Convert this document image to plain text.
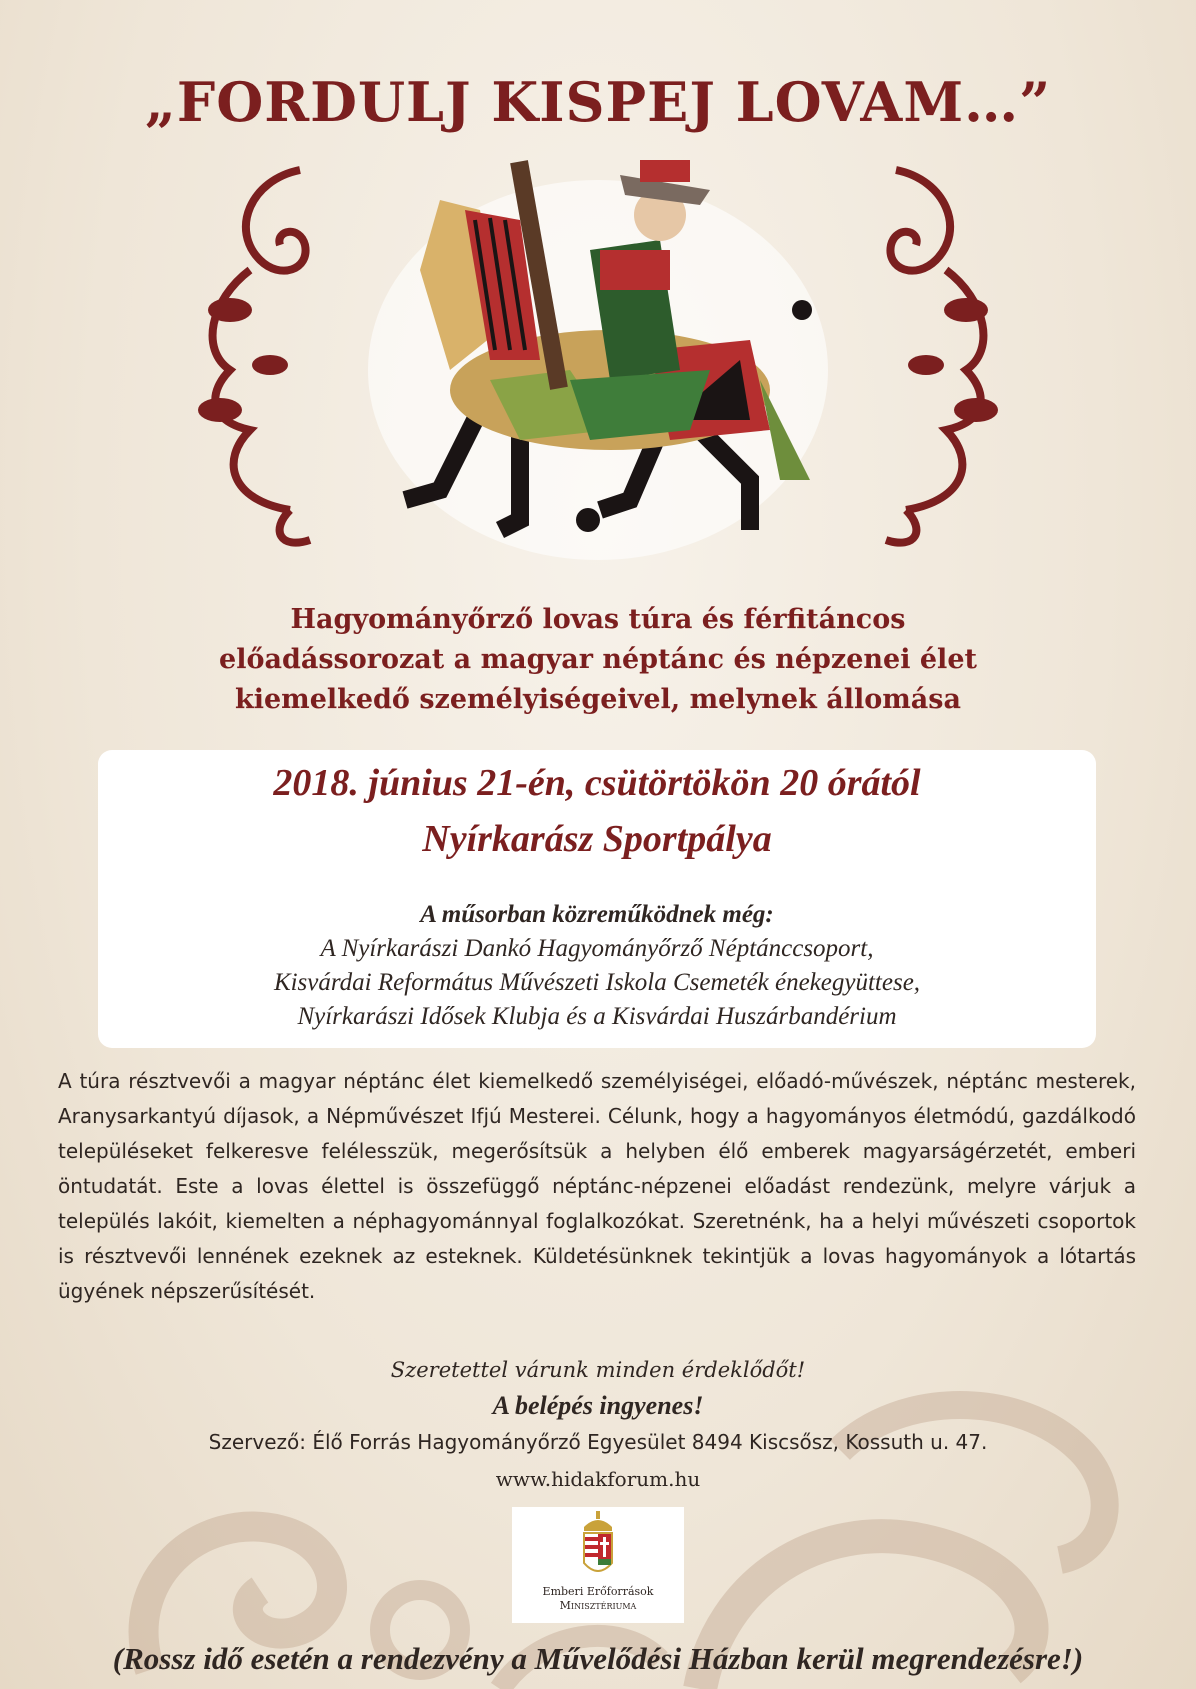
„FORDULJ KISPEJ LOVAM…”
Hagyományőrző lovas túra és férfitáncos
előadássorozat a magyar néptánc és népzenei élet
kiemelkedő személyiségeivel, melynek állomása
2018. június 21-én, csütörtökön 20 órától
Nyírkarász Sportpálya
A műsorban közreműködnek még:
A Nyírkarászi Dankó Hagyományőrző Néptánccsoport,
Kisvárdai Református Művészeti Iskola Csemeték énekegyüttese,
Nyírkarászi Idősek Klubja és a Kisvárdai Huszárbandérium
A túra résztvevői a magyar néptánc élet kiemelkedő személyiségei, előadó-művészek, néptánc mesterek, Aranysarkantyú díjasok, a Népművészet Ifjú Mesterei. Célunk, hogy a hagyományos életmódú, gazdálkodó településeket felkeresve felélesszük, megerősítsük a helyben élő emberek magyarságérzetét, emberi öntudatát. Este a lovas élettel is összefüggő néptánc-népzenei előadást rendezünk, melyre várjuk a település lakóit, kiemelten a néphagyománnyal foglalkozókat. Szeretnénk, ha a helyi művészeti csoportok is résztvevői lennének ezeknek az esteknek. Küldetésünknek tekintjük a lovas hagyományok a lótartás ügyének népszerűsítését.
Szeretettel várunk minden érdeklődőt!
A belépés ingyenes!
Szervező: Élő Forrás Hagyományőrző Egyesület 8494 Kiscsősz, Kossuth u. 47.
www.hidakforum.hu
Emberi Erőforrások
Minisztériuma
(Rossz idő esetén a rendezvény a Művelődési Házban kerül megrendezésre!)
